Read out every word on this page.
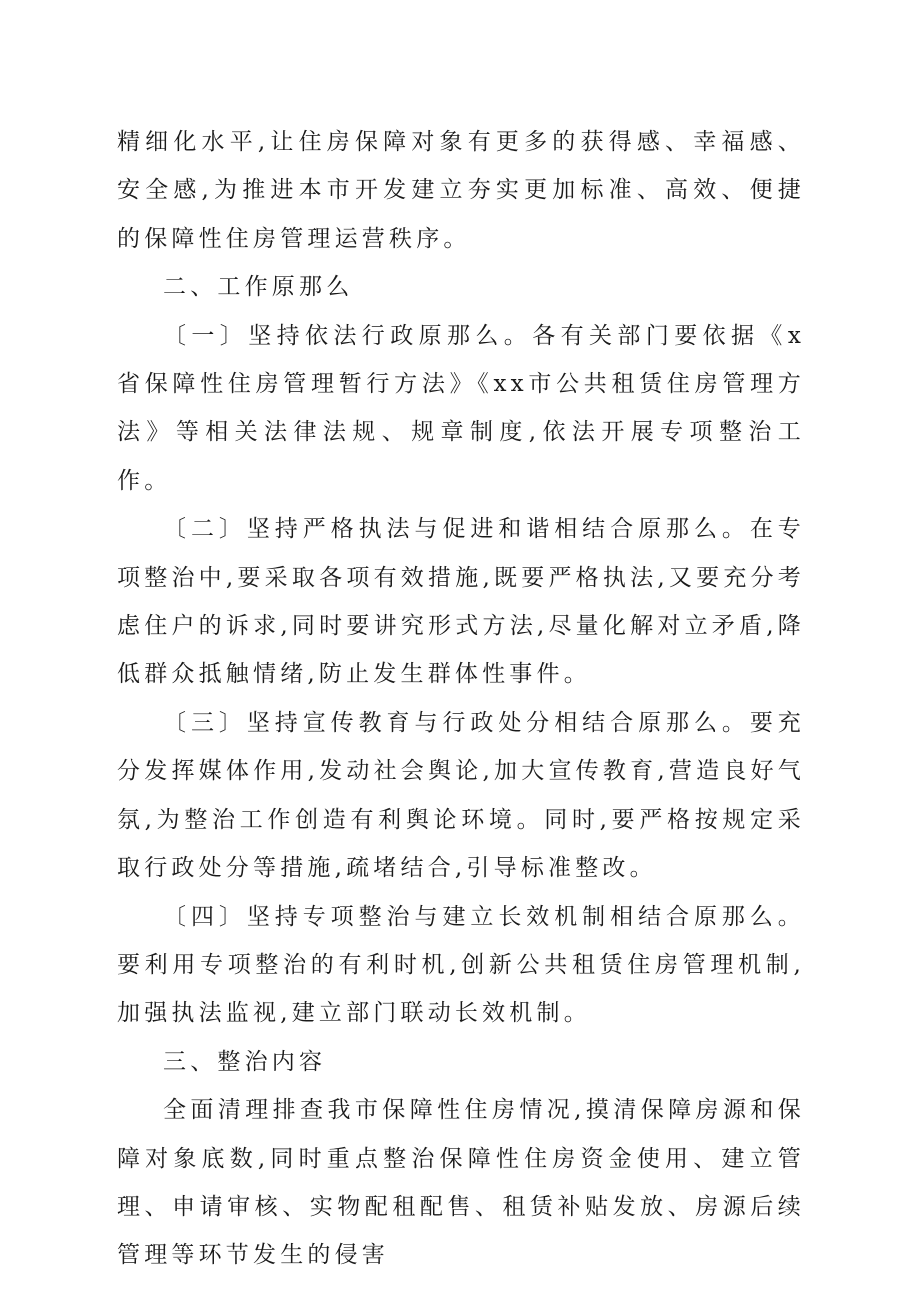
精细化水平,让住房保障对象有更多的获得感、幸福感、安全感,为推进本市开发建立夯实更加标准、高效、便捷的保障性住房管理运营秩序。

二、工作原那么

〔一〕坚持依法行政原那么。各有关部门要依据《x省保障性住房管理暂行方法》《xx市公共租赁住房管理方法》等相关法律法规、规章制度,依法开展专项整治工作。

〔二〕坚持严格执法与促进和谐相结合原那么。在专项整治中,要采取各项有效措施,既要严格执法,又要充分考虑住户的诉求,同时要讲究形式方法,尽量化解对立矛盾,降低群众抵触情绪,防止发生群体性事件。

〔三〕坚持宣传教育与行政处分相结合原那么。要充分发挥媒体作用,发动社会舆论,加大宣传教育,营造良好气氛,为整治工作创造有利舆论环境。同时,要严格按规定采取行政处分等措施,疏堵结合,引导标准整改。

〔四〕坚持专项整治与建立长效机制相结合原那么。要利用专项整治的有利时机,创新公共租赁住房管理机制,加强执法监视,建立部门联动长效机制。

三、整治内容

全面清理排查我市保障性住房情况,摸清保障房源和保障对象底数,同时重点整治保障性住房资金使用、建立管理、申请审核、实物配租配售、租赁补贴发放、房源后续管理等环节发生的侵害
